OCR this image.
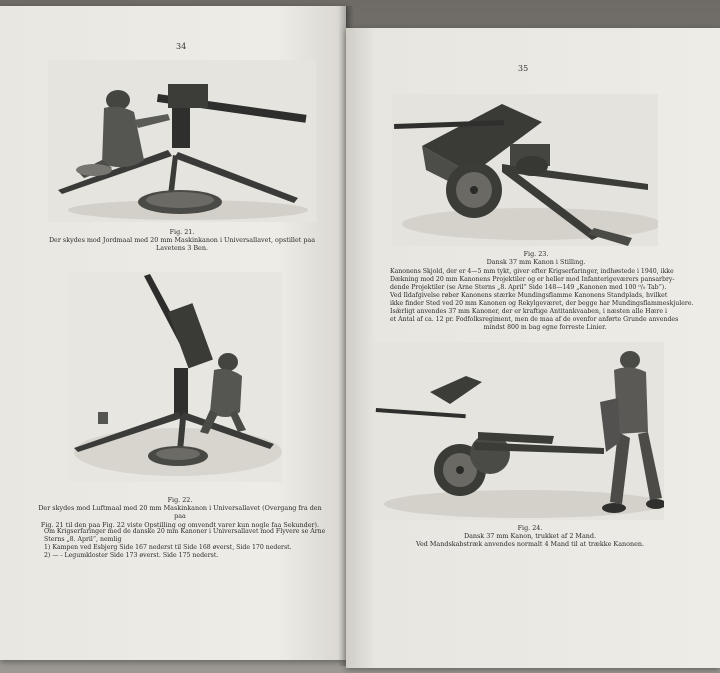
34
Fig. 21.
Der skydes mod Jordmaal med 20 mm Maskinkanon i Universallavet, opstillet paa Lavetens 3 Ben.
Fig. 22.
Der skydes mod Luftmaal med 20 mm Maskinkanon i Universallavet (Overgang fra den paa
Fig. 21 til den paa Fig. 22 viste Opstilling og omvendt varer kun nogle faa Sekunder).

Om Krigserfaringer med de danske 20 mm Kanoner i Universallavet mod Flyvere se Arne

Sterns „8. April“, nemlig

1) Kampen ved Esbjerg Side 167 nederst til Side 168 øverst, Side 170 nederst.

2) — - Legumkloster Side 173 øverst. Side 175 nederst.

35
Fig. 23.
Dansk 37 mm Kanon i Stilling.

Kanonens Skjold, der er 4—5 mm tykt, giver efter Krigserfaringer, indhøstede i 1940, ikke

Dækning mod 20 mm Kanonens Projektiler og er heller mod Infanterigeværers pansarbry-

dende Projektiler (se Arne Sterns „8. April“ Side 148—149 „Kanonen med 100 ⁰/₀ Tab“).

Ved Ildafgivelse røber Kanonens stærke Mundingsflamme Kanonens Standplads, hvilket

ikke finder Sted ved 20 mm Kanonen og Rekylgeværet, der begge har Mundingsflammeskjulere.

Isæ̈rligt anvendes 37 mm Kanoner, der er kraftige Antitankvaaben, i næsten alle Hære i

et Antal af ca. 12 pr. Fodfolksregiment, men de maa af de ovenfor anførte Grunde anvendes

mindst 800 m bag egne forreste Linier.

Fig. 24.
Dansk 37 mm Kanon, trukket af 2 Mand.
Ved Mandskabstræk anvendes normalt 4 Mand til at trække Kanonen.
